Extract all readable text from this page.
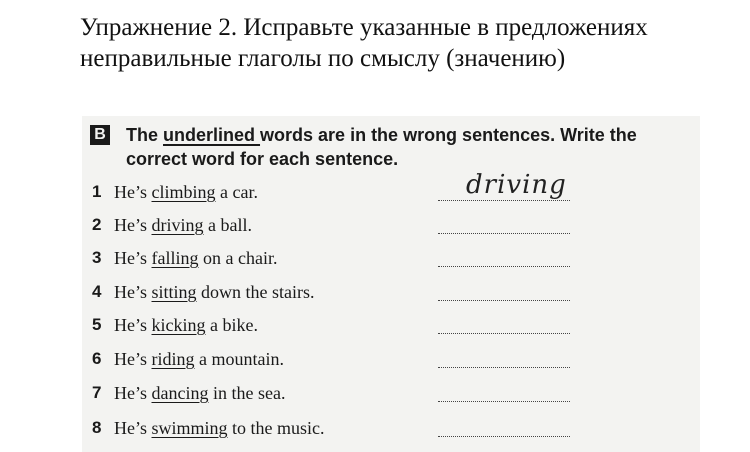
Упражнение 2. Исправьте указанные в предложениях неправильные глаголы по смыслу (значению)
B The underlined words are in the wrong sentences. Write the correct word for each sentence.
1 He’s climbing a car.	driving
2 He’s driving a ball.
3 He’s falling on a chair.
4 He’s sitting down the stairs.
5 He’s kicking a bike.
6 He’s riding a mountain.
7 He’s dancing in the sea.
8 He’s swimming to the music.
